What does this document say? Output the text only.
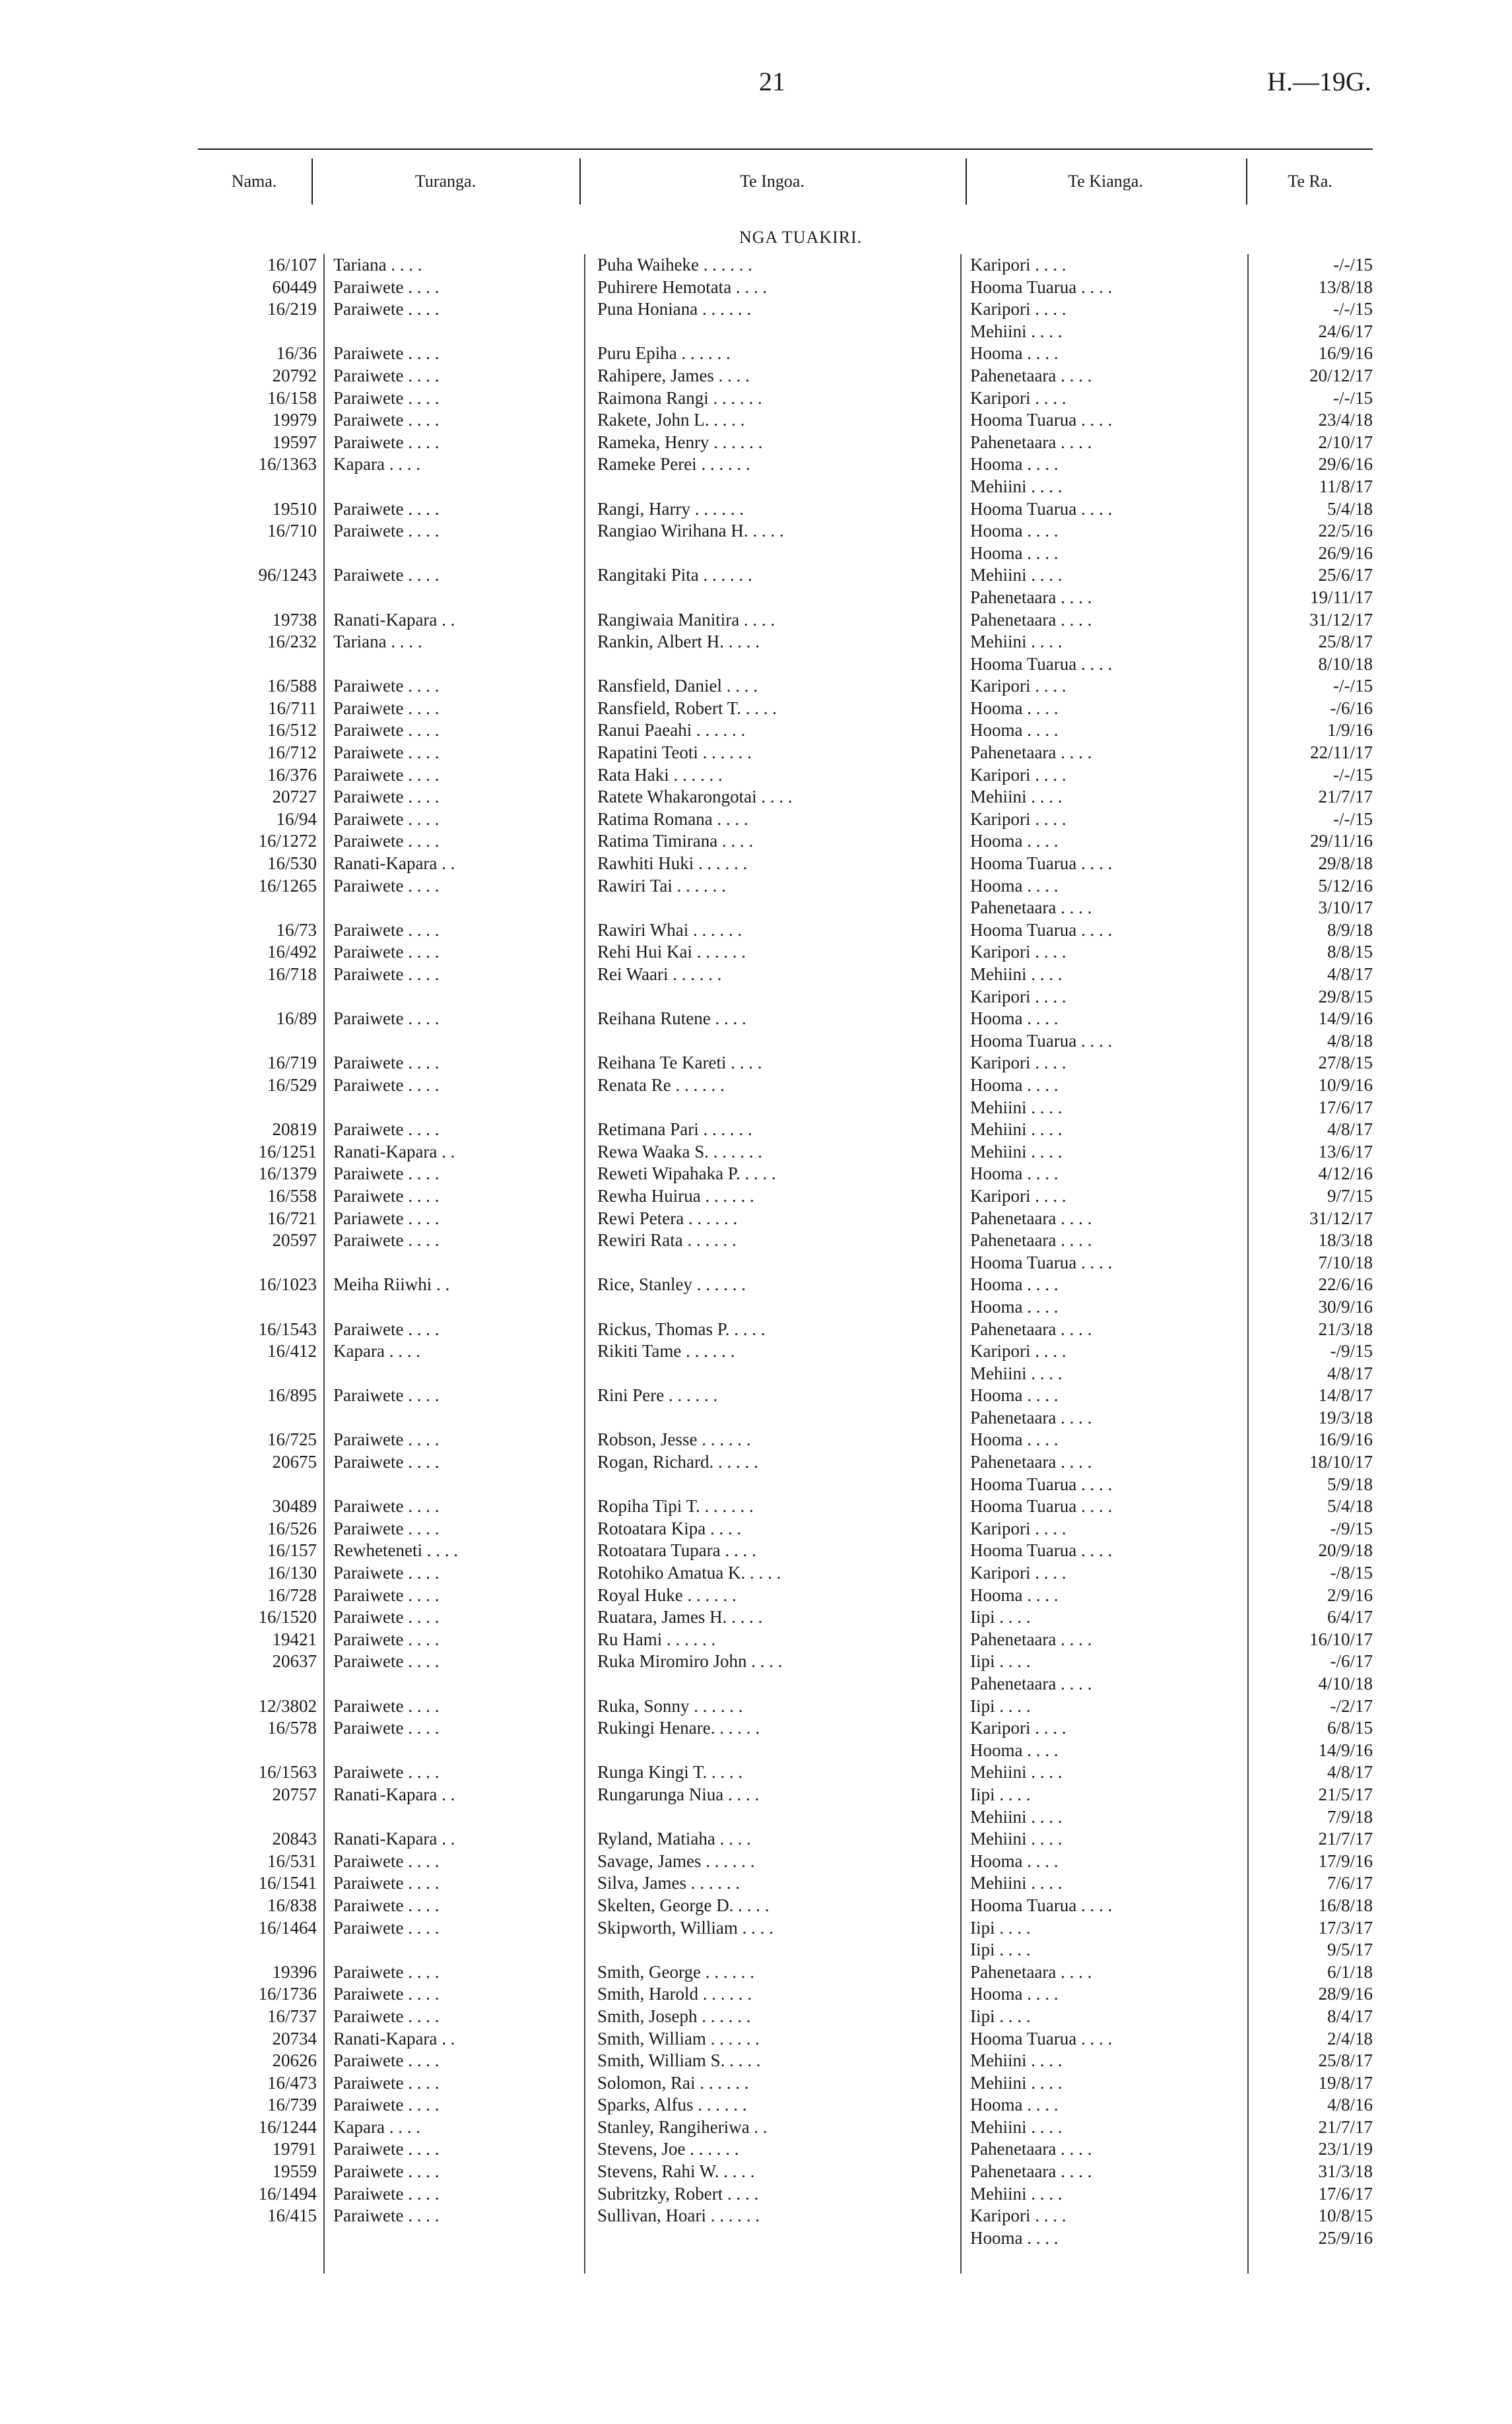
21	H.—19G.
Nama.	Turanga.	Te Ingoa.	Te Kianga.	Te Ra.
NGA TUAKIRI.
16/107 Tariana . . . .	Puha Waiheke . . . . . .	Karipori . . . .	-/-/15
60449 Paraiwete . . . .	Puhirere Hemotata . . . .	Hooma Tuarua . . . .	13/8/18
16/219 Paraiwete . . . .	Puna Honiana . . . . . .	Karipori . . . .	-/-/15
Mehiini . . . .	24/6/17
16/36 Paraiwete . . . .	Puru Epiha . . . . . .	Hooma . . . .	16/9/16
20792 Paraiwete . . . .	Rahipere, James . . . .	Pahenetaara . . . .	20/12/17
16/158 Paraiwete . . . .	Raimona Rangi . . . . . .	Karipori . . . .	-/-/15
19979 Paraiwete . . . .	Rakete, John L. . . . .	Hooma Tuarua . . . .	23/4/18
19597 Paraiwete . . . .	Rameka, Henry . . . . . .	Pahenetaara . . . .	2/10/17
16/1363 Kapara . . . .	Rameke Perei . . . . . .	Hooma . . . .	29/6/16
Mehiini . . . .	11/8/17
19510 Paraiwete . . . .	Rangi, Harry . . . . . .	Hooma Tuarua . . . .	5/4/18
16/710 Paraiwete . . . .	Rangiao Wirihana H. . . . .	Hooma . . . .	22/5/16
Hooma . . . .	26/9/16
96/1243 Paraiwete . . . .	Rangitaki Pita . . . . . .	Mehiini . . . .	25/6/17
Pahenetaara . . . .	19/11/17
19738 Ranati-Kapara . .	Rangiwaia Manitira . . . .	Pahenetaara . . . .	31/12/17
16/232 Tariana . . . .	Rankin, Albert H. . . . .	Mehiini . . . .	25/8/17
Hooma Tuarua . . . .	8/10/18
16/588 Paraiwete . . . .	Ransfield, Daniel . . . .	Karipori . . . .	-/-/15
16/711 Paraiwete . . . .	Ransfield, Robert T. . . . .	Hooma . . . .	-/6/16
16/512 Paraiwete . . . .	Ranui Paeahi . . . . . .	Hooma . . . .	1/9/16
16/712 Paraiwete . . . .	Rapatini Teoti . . . . . .	Pahenetaara . . . .	22/11/17
16/376 Paraiwete . . . .	Rata Haki . . . . . .	Karipori . . . .	-/-/15
20727 Paraiwete . . . .	Ratete Whakarongotai . . . .	Mehiini . . . .	21/7/17
16/94 Paraiwete . . . .	Ratima Romana . . . .	Karipori . . . .	-/-/15
16/1272 Paraiwete . . . .	Ratima Timirana . . . .	Hooma . . . .	29/11/16
16/530 Ranati-Kapara . .	Rawhiti Huki . . . . . .	Hooma Tuarua . . . .	29/8/18
16/1265 Paraiwete . . . .	Rawiri Tai . . . . . .	Hooma . . . .	5/12/16
Pahenetaara . . . .	3/10/17
16/73 Paraiwete . . . .	Rawiri Whai . . . . . .	Hooma Tuarua . . . .	8/9/18
16/492 Paraiwete . . . .	Rehi Hui Kai . . . . . .	Karipori . . . .	8/8/15
16/718 Paraiwete . . . .	Rei Waari . . . . . .	Mehiini . . . .	4/8/17
Karipori . . . .	29/8/15
16/89 Paraiwete . . . .	Reihana Rutene . . . .	Hooma . . . .	14/9/16
Hooma Tuarua . . . .	4/8/18
16/719 Paraiwete . . . .	Reihana Te Kareti . . . .	Karipori . . . .	27/8/15
16/529 Paraiwete . . . .	Renata Re . . . . . .	Hooma . . . .	10/9/16
Mehiini . . . .	17/6/17
20819 Paraiwete . . . .	Retimana Pari . . . . . .	Mehiini . . . .	4/8/17
16/1251 Ranati-Kapara . .	Rewa Waaka S. . . . . . .	Mehiini . . . .	13/6/17
16/1379 Paraiwete . . . .	Reweti Wipahaka P. . . . .	Hooma . . . .	4/12/16
16/558 Paraiwete . . . .	Rewha Huirua . . . . . .	Karipori . . . .	9/7/15
16/721 Pariawete . . . .	Rewi Petera . . . . . .	Pahenetaara . . . .	31/12/17
20597 Paraiwete . . . .	Rewiri Rata . . . . . .	Pahenetaara . . . .	18/3/18
Hooma Tuarua . . . .	7/10/18
16/1023 Meiha Riiwhi . .	Rice, Stanley . . . . . .	Hooma . . . .	22/6/16
Hooma . . . .	30/9/16
16/1543 Paraiwete . . . .	Rickus, Thomas P. . . . .	Pahenetaara . . . .	21/3/18
16/412 Kapara . . . .	Rikiti Tame . . . . . .	Karipori . . . .	-/9/15
Mehiini . . . .	4/8/17
16/895 Paraiwete . . . .	Rini Pere . . . . . .	Hooma . . . .	14/8/17
Pahenetaara . . . .	19/3/18
16/725 Paraiwete . . . .	Robson, Jesse . . . . . .	Hooma . . . .	16/9/16
20675 Paraiwete . . . .	Rogan, Richard. . . . . .	Pahenetaara . . . .	18/10/17
Hooma Tuarua . . . .	5/9/18
30489 Paraiwete . . . .	Ropiha Tipi T. . . . . . .	Hooma Tuarua . . . .	5/4/18
16/526 Paraiwete . . . .	Rotoatara Kipa . . . .	Karipori . . . .	-/9/15
16/157 Rewheteneti . . . .	Rotoatara Tupara . . . .	Hooma Tuarua . . . .	20/9/18
16/130 Paraiwete . . . .	Rotohiko Amatua K. . . . .	Karipori . . . .	-/8/15
16/728 Paraiwete . . . .	Royal Huke . . . . . .	Hooma . . . .	2/9/16
16/1520 Paraiwete . . . .	Ruatara, James H. . . . .	Iipi . . . .	6/4/17
19421 Paraiwete . . . .	Ru Hami . . . . . .	Pahenetaara . . . .	16/10/17
20637 Paraiwete . . . .	Ruka Miromiro John . . . .	Iipi . . . .	-/6/17
Pahenetaara . . . .	4/10/18
12/3802 Paraiwete . . . .	Ruka, Sonny . . . . . .	Iipi . . . .	-/2/17
16/578 Paraiwete . . . .	Rukingi Henare. . . . . .	Karipori . . . .	6/8/15
Hooma . . . .	14/9/16
16/1563 Paraiwete . . . .	Runga Kingi T. . . . .	Mehiini . . . .	4/8/17
20757 Ranati-Kapara . .	Rungarunga Niua . . . .	Iipi . . . .	21/5/17
Mehiini . . . .	7/9/18
20843 Ranati-Kapara . .	Ryland, Matiaha . . . .	Mehiini . . . .	21/7/17
16/531 Paraiwete . . . .	Savage, James . . . . . .	Hooma . . . .	17/9/16
16/1541 Paraiwete . . . .	Silva, James . . . . . .	Mehiini . . . .	7/6/17
16/838 Paraiwete . . . .	Skelten, George D. . . . .	Hooma Tuarua . . . .	16/8/18
16/1464 Paraiwete . . . .	Skipworth, William . . . .	Iipi . . . .	17/3/17
Iipi . . . .	9/5/17
19396 Paraiwete . . . .	Smith, George . . . . . .	Pahenetaara . . . .	6/1/18
16/1736 Paraiwete . . . .	Smith, Harold . . . . . .	Hooma . . . .	28/9/16
16/737 Paraiwete . . . .	Smith, Joseph . . . . . .	Iipi . . . .	8/4/17
20734 Ranati-Kapara . .	Smith, William . . . . . .	Hooma Tuarua . . . .	2/4/18
20626 Paraiwete . . . .	Smith, William S. . . . .	Mehiini . . . .	25/8/17
16/473 Paraiwete . . . .	Solomon, Rai . . . . . .	Mehiini . . . .	19/8/17
16/739 Paraiwete . . . .	Sparks, Alfus . . . . . .	Hooma . . . .	4/8/16
16/1244 Kapara . . . .	Stanley, Rangiheriwa . .	Mehiini . . . .	21/7/17
19791 Paraiwete . . . .	Stevens, Joe . . . . . .	Pahenetaara . . . .	23/1/19
19559 Paraiwete . . . .	Stevens, Rahi W. . . . .	Pahenetaara . . . .	31/3/18
16/1494 Paraiwete . . . .	Subritzky, Robert . . . .	Mehiini . . . .	17/6/17
16/415 Paraiwete . . . .	Sullivan, Hoari . . . . . .	Karipori . . . .	10/8/15
Hooma . . . .	25/9/16
